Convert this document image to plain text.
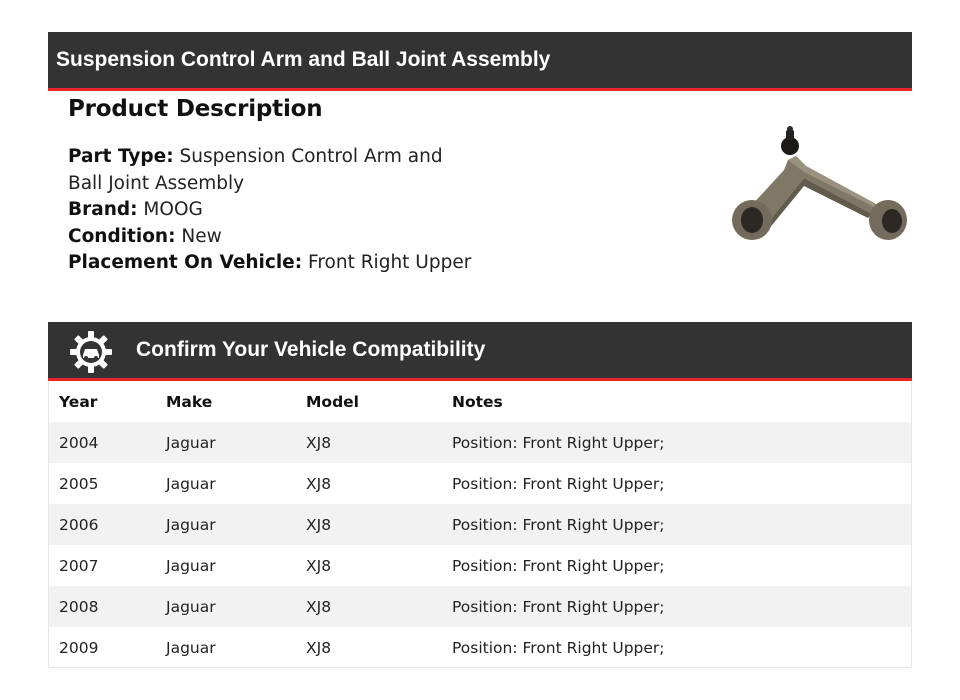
Suspension Control Arm and Ball Joint Assembly
Product Description
Part Type: Suspension Control Arm and Ball Joint Assembly
Brand: MOOG
Condition: New
Placement On Vehicle: Front Right Upper
Confirm Your Vehicle Compatibility
Year	Make	Model	Notes
2004	Jaguar	XJ8	Position: Front Right Upper;
2005	Jaguar	XJ8	Position: Front Right Upper;
2006	Jaguar	XJ8	Position: Front Right Upper;
2007	Jaguar	XJ8	Position: Front Right Upper;
2008	Jaguar	XJ8	Position: Front Right Upper;
2009	Jaguar	XJ8	Position: Front Right Upper;
